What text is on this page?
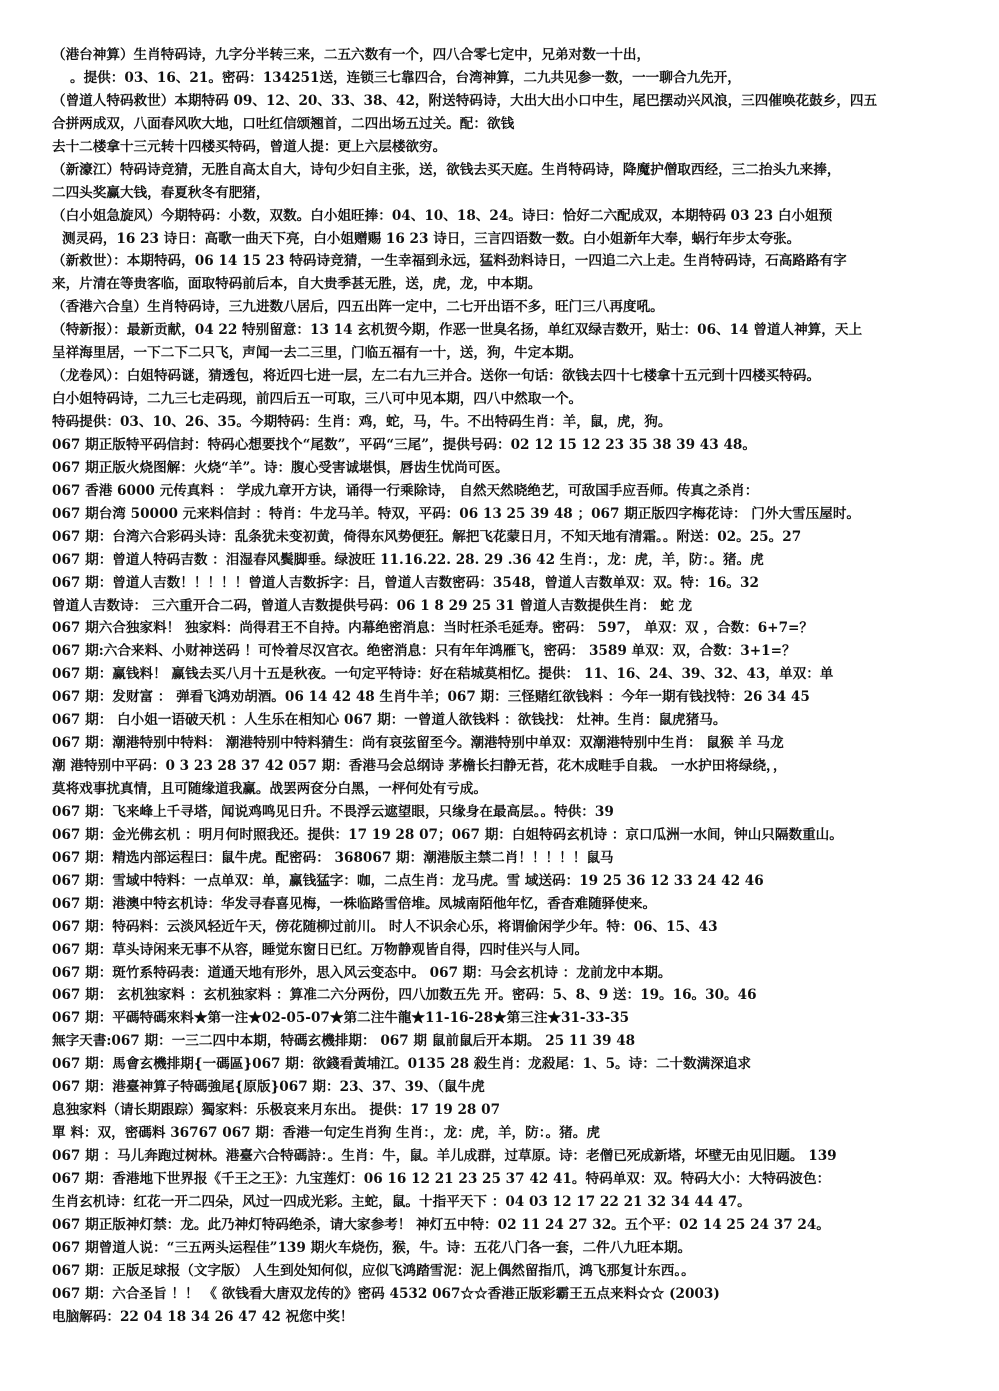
（港台神算）生肖特码诗，九字分半转三来，二五六数有一个，四八合零七定中，兄弟对数一十出，
。提供：03、16、21。密码：134251送，连锁三七靠四合，台湾神算，二九共见参一数，一一聊合九先开，
（曾道人特码救世）本期特码 09、12、20、33、38、42，附送特码诗，大出大出小口中生，尾巴摆动兴风浪，三四催唤花鼓乡，四五
合拼两成双，八面春风吹大地，口吐红信颂翘首，二四出场五过关。配：欲钱
去十二楼拿十三元转十四楼买特码，曾道人提：更上六层楼欲穷。
（新濠江）特码诗竞猜，无胜自高太自大，诗句少妇自主张，送，欲钱去买天庭。生肖特码诗，降魔护僧取西经，三二抬头九来捧，
二四头奖赢大钱，春夏秋冬有肥猪，
（白小姐急旋风）今期特码：小数，双数。白小姐旺捧：04、10、18、24。诗曰：恰好二六配成双，本期特码 03 23 白小姐预
测灵码，16 23 诗日：高歌一曲天下亮，白小姐赠赐 16 23 诗日，三言四语数一数。白小姐新年大奉，蜗行年步太夸张。
（新救世）：本期特码，06 14 15 23 特码诗竞猜，一生幸福到永远，猛料劲料诗日，一四追二六上走。生肖特码诗，石高路路有字
来，片清在等贵客临，面取特码前后本，自大贵季甚无胜，送，虎，龙，中本期。
（香港六合皇）生肖特码诗，三九进数八居后，四五出阵一定中，二七开出语不多，旺门三八再度吼。
（特新报）：最新贡献，04 22 特别留意：13 14 玄机贺今期，作恶一世臭名扬，单红双绿吉数开，贴士：06、14 曾道人神算，天上
呈祥海里居，一下二下二只飞，声闻一去二三里，门临五福有一十，送，狗，牛定本期。
（龙卷风）：白姐特码谜，猜透包，将近四七进一层，左二右九三并合。送你一句话：欲钱去四十七楼拿十五元到十四楼买特码。
白小姐特码诗，二九三七走码现，前四后五一可取，三八可中见本期，四八中然取一个。
特码提供：03、10、26、35。今期特码：生肖：鸡，蛇，马，牛。不出特码生肖：羊，鼠，虎，狗。
067 期正版特平码信封：特码心想要找个“尾数”，平码“三尾”，提供号码：02 12 15 12 23 35 38 39 43 48。
067 期正版火烧图解：火烧“羊”。诗：腹心受害诚堪惧，唇齿生忧尚可医。
067 香港 6000 元传真料 ： 学成九章开方诀，诵得一行乘除诗， 自然天然晓绝艺，可敌国手应吾师。传真之杀肖：
067 期台湾 50000 元来料信封 ：特肖：牛龙马羊。特双，平码：06 13 25 39 48 ；067 期正版四字梅花诗： 门外大雪压屋时。
067 期：台湾六合彩码头诗：乱条犹未变初黄，倚得东风势便狂。解把飞花蒙日月，不知天地有清霜。。附送：02。25。27
067 期：曾道人特码吉数 ：泪湿春风鬓脚垂。绿波旺 11.16.22. 28. 29 .36 42 生肖：，龙：虎，羊，防：。猪。虎
067 期：曾道人吉数！！！！！曾道人吉数拆字：吕，曾道人吉数密码：3548，曾道人吉数单双：双。特：16。32
曾道人吉数诗： 三六重开合二码，曾道人吉数提供号码：06 1 8 29 25 31 曾道人吉数提供生肖： 蛇 龙
067 期六合独家料！ 独家料：尚得君王不自持。内幕绝密消息：当时枉杀毛延寿。密码： 597， 单双：双 ，合数：6+7=？
067 期:六合来料、小财神送码 ！可怜着尽汉宫衣。绝密消息：只有年年鸿雁飞，密码： 3589 单双：双，合数：3+1=？
067 期：赢钱料！ 赢钱去买八月十五是秋夜。一句定平特诗：好在秸城莫相忆。提供： 11、16、24、39、32、43，单双：单
067 期：发财富 ： 弹看飞鸿劝胡酒。06 14 42 48 生肖牛羊；067 期：三怪赌红欲钱料 ：今年一期有钱找特：26 34 45
067 期： 白小姐一语破天机 ：人生乐在相知心 067 期：一曾道人欲钱料 ：欲钱找： 灶神。生肖：鼠虎猪马。
067 期：潮港特别中特料： 潮港特别中特料猜生：尚有哀弦留至今。潮港特别中单双：双潮港特别中生肖： 鼠猴 羊 马龙
潮 港特别中平码：0 3 23 28 37 42 057 期：香港马会总纲诗 茅檐长扫静无苔，花木成畦手自栽。 一水护田将绿绕，，
莫将戏事扰真情，且可随缘道我赢。战罢两奁分白黑，一枰何处有亏成。
067 期：飞来峰上千寻塔，闻说鸡鸣见日升。不畏浮云遮望眼，只缘身在最高层。。特供：39
067 期：金光佛玄机 ：明月何时照我还。提供：17 19 28 07；067 期：白姐特码玄机诗 ：京口瓜洲一水间，钟山只隔数重山。
067 期：精选内部运程曰：鼠牛虎。配密码： 368067 期：潮港版主禁二肖！！！！！鼠马
067 期：雪域中特料：一点单双：单，赢钱猛字：咖，二点生肖：龙马虎。雪 域送码：19 25 36 12 33 24 42 46
067 期：港澳中特玄机诗：华发寻春喜见梅，一株临路雪倍堆。凤城南陌他年忆，香杳难随驿使来。
067 期：特码料：云淡风轻近午天，傍花随柳过前川。 时人不识余心乐，将谓偷闲学少年。特：06、15、43
067 期：草头诗闲来无事不从容，睡觉东窗日已红。万物静观皆自得，四时佳兴与人同。
067 期：斑竹系特码表：道通天地有形外，思入风云变态中。 067 期：马会玄机诗 ：龙前龙中本期。
067 期： 玄机独家料 ：玄机独家料 ：算准二六分两份，四八加数五先 开。密码：5、8、9 送：19。16。30。46
067 期：平碼特碼來料★第一注★02-05-07★第二注牛龍★11-16-28★第三注★31-33-35
無字天書:067 期：一三二四中本期，特碼玄機排期： 067 期 鼠前鼠后开本期。 25 11 39 48
067 期：馬會玄機排期{一碼區}067 期：欲錢看黃埔江。0135 28 殺生肖：龙殺尾：1、5。诗：二十数满深追求
067 期：港臺神算子特碼強尾{原版}067 期：23、37、39、（鼠牛虎
息独家料（请长期跟踪）獨家料：乐极哀来月东出。 提供：17 19 28 07
單 料：双，密碼料 36767 067 期：香港一句定生肖狗 生肖：，龙：虎，羊，防：。猪。虎
067 期 ：马儿奔跑过树林。港臺六合特碼詩：。生肖：牛，鼠。羊儿成群，过草原。诗：老僧已死成新塔，坏壁无由见旧题。 139
067 期：香港地下世界报《千王之王》：九宝莲灯：06 16 12 21 23 25 37 42 41。特码单双：双。特码大小：大特码波色：
生肖玄机诗：红花一开二四朵，风过一四成光彩。主蛇，鼠。十指平天下 ：04 03 12 17 22 21 32 34 44 47。
067 期正版神灯禁：龙。此乃神灯特码绝杀，请大家参考！ 神灯五中特：02 11 24 27 32。五个平：02 14 25 24 37 24。
067 期曾道人说：“三五两头运程佳”139 期火车烧伤，猴，牛。诗：五花八门各一套，二件八九旺本期。
067 期：正版足球报（文字版） 人生到处知何似，应似飞鸿踏雪泥：泥上偶然留指爪，鸿飞那复计东西。。
067 期：六合圣旨 ！！ 《 欲钱看大唐双龙传的》密码 4532 067☆☆香港正版彩霸王五点来料☆☆ (2003)
电脑解码：22 04 18 34 26 47 42 祝您中奖！
